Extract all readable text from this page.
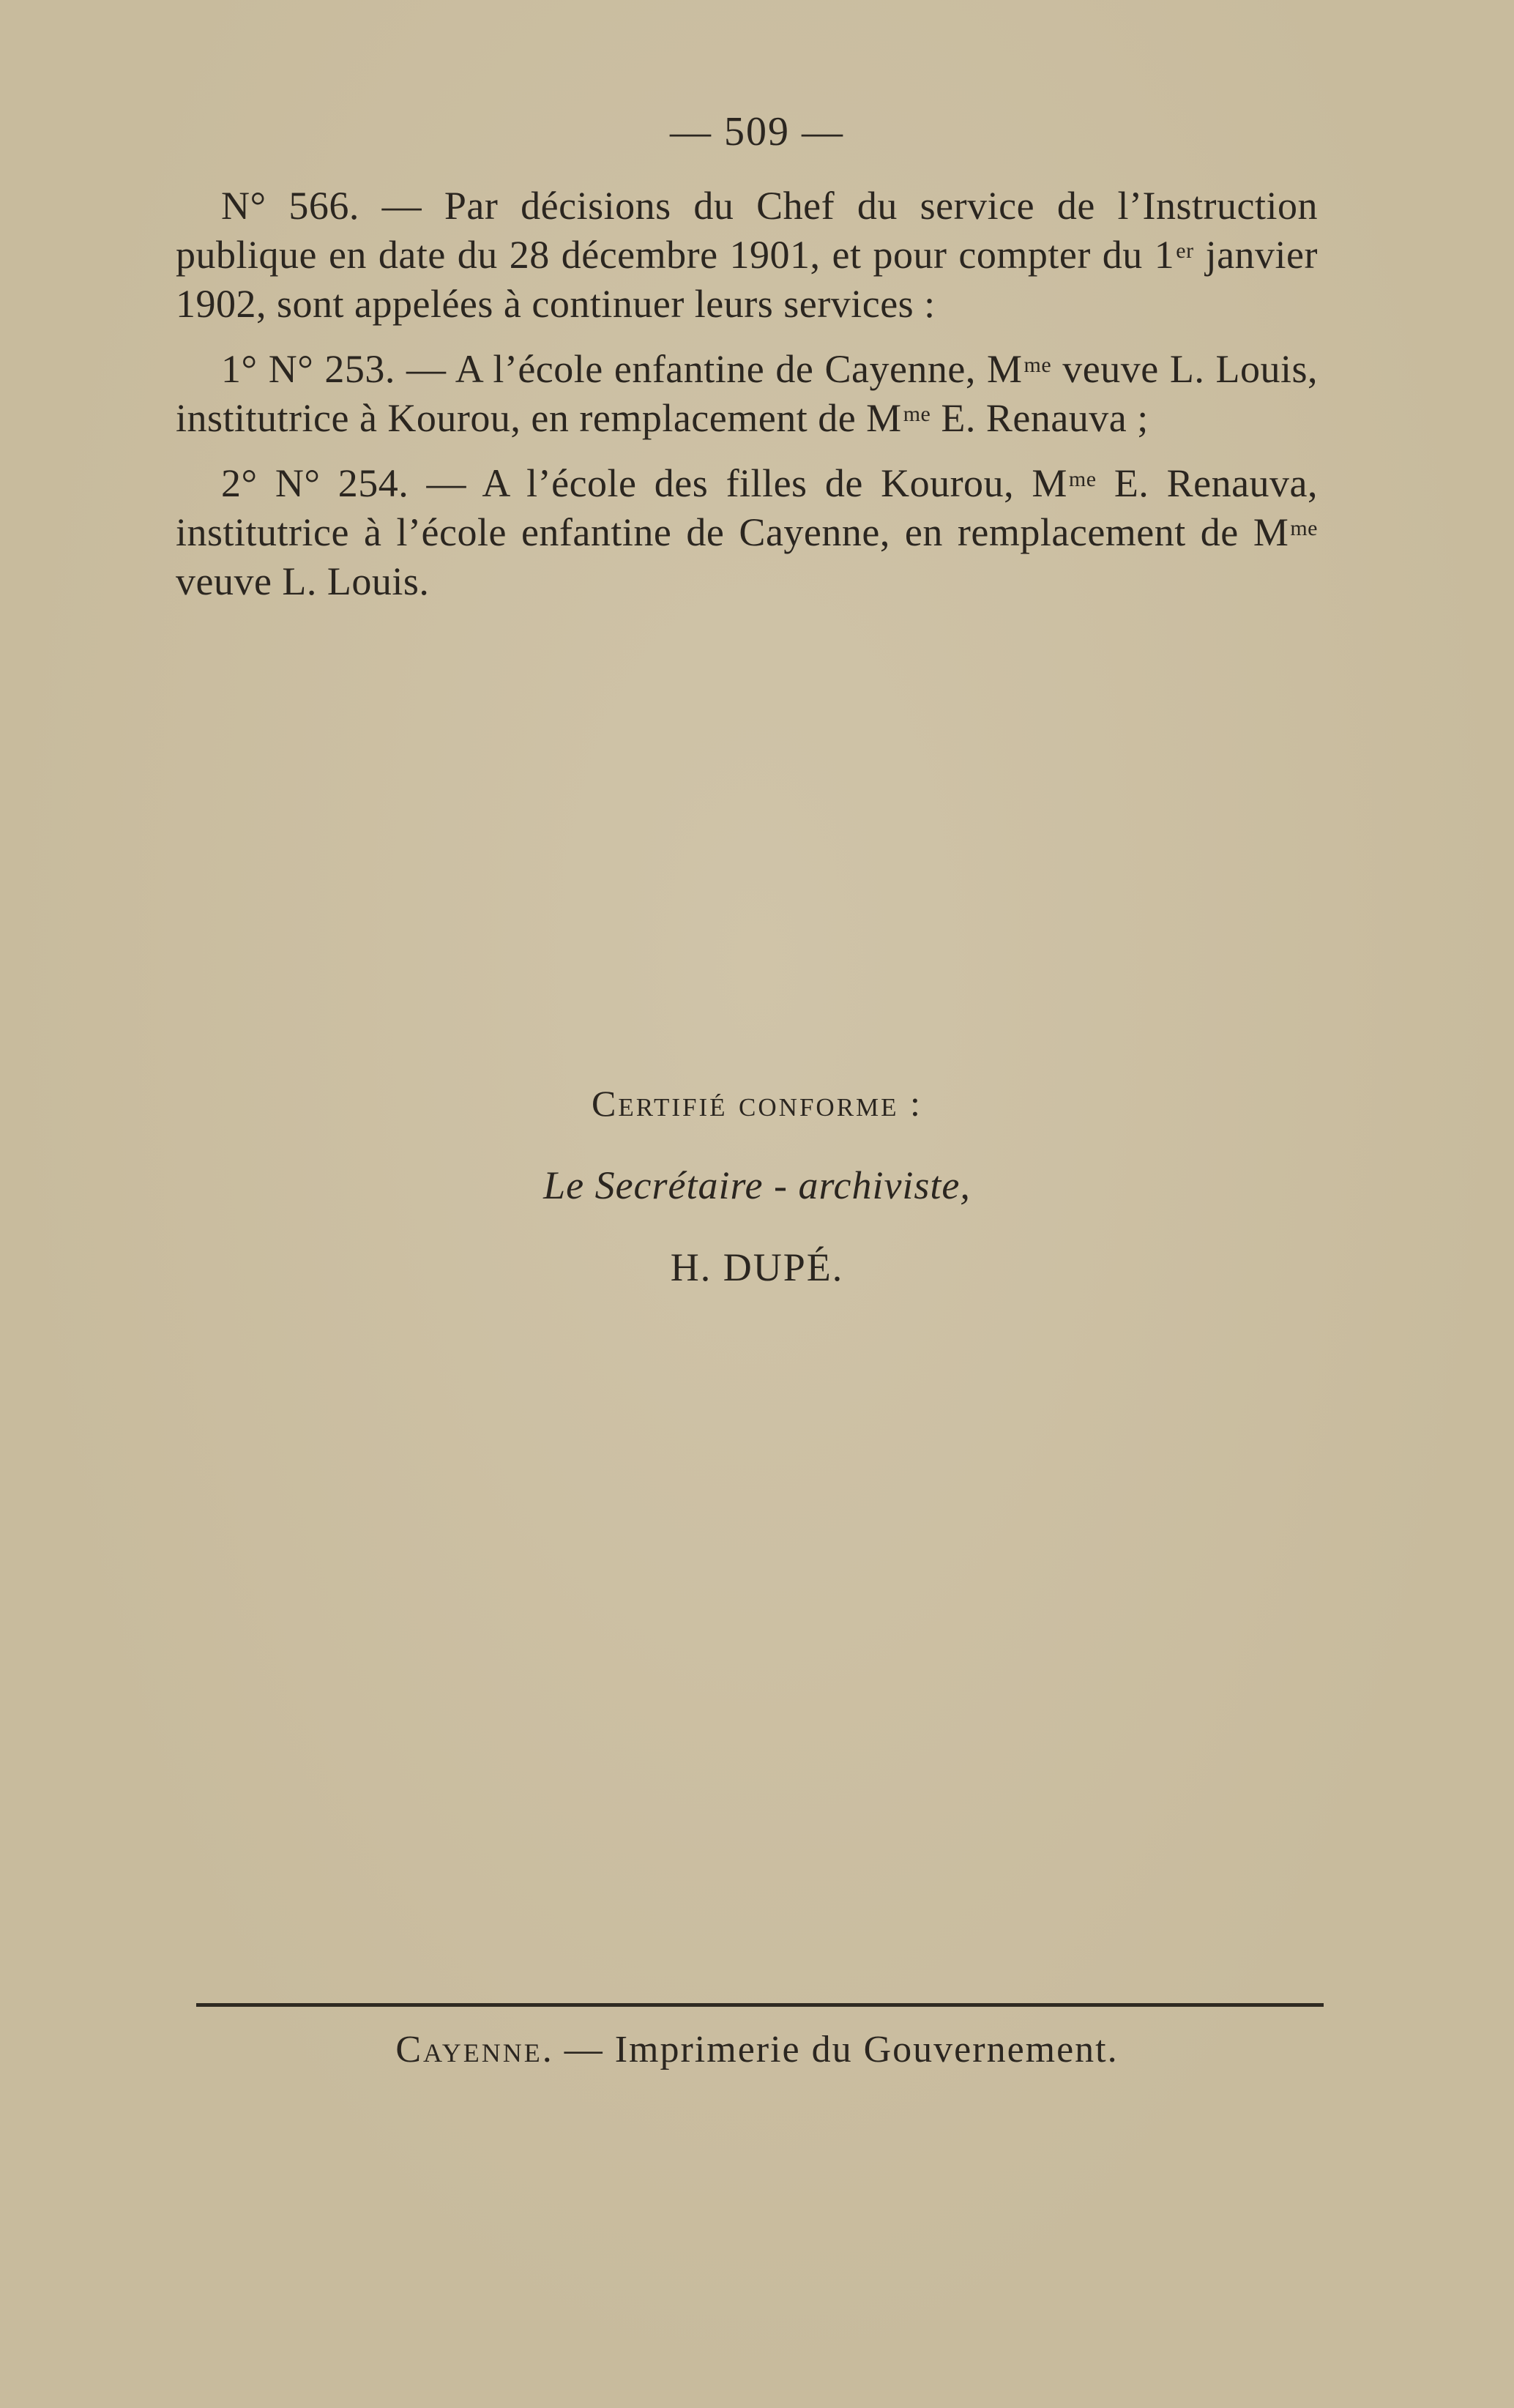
— 509 —

N° 566. — Par décisions du Chef du service de l’Instruction publique en date du 28 décembre 1901, et pour compter du 1er janvier 1902, sont appelées à continuer leurs services :

1° N° 253. — A l’école enfantine de Cayenne, $M^{me}$ veuve L. Louis, institutrice à Kourou, en remplacement de $M^{me}$ E. Renauva ;

2° N° 254. — A l’école des filles de Kourou, $M^{me}$ E. Renauva, institutrice à l’école enfantine de Cayenne, en remplacement de $M^{me}$ veuve L. Louis.

Certifié conforme :
Le Secrétaire - archiviste,
H. DUPÉ.
Cayenne. — Imprimerie du Gouvernement.
